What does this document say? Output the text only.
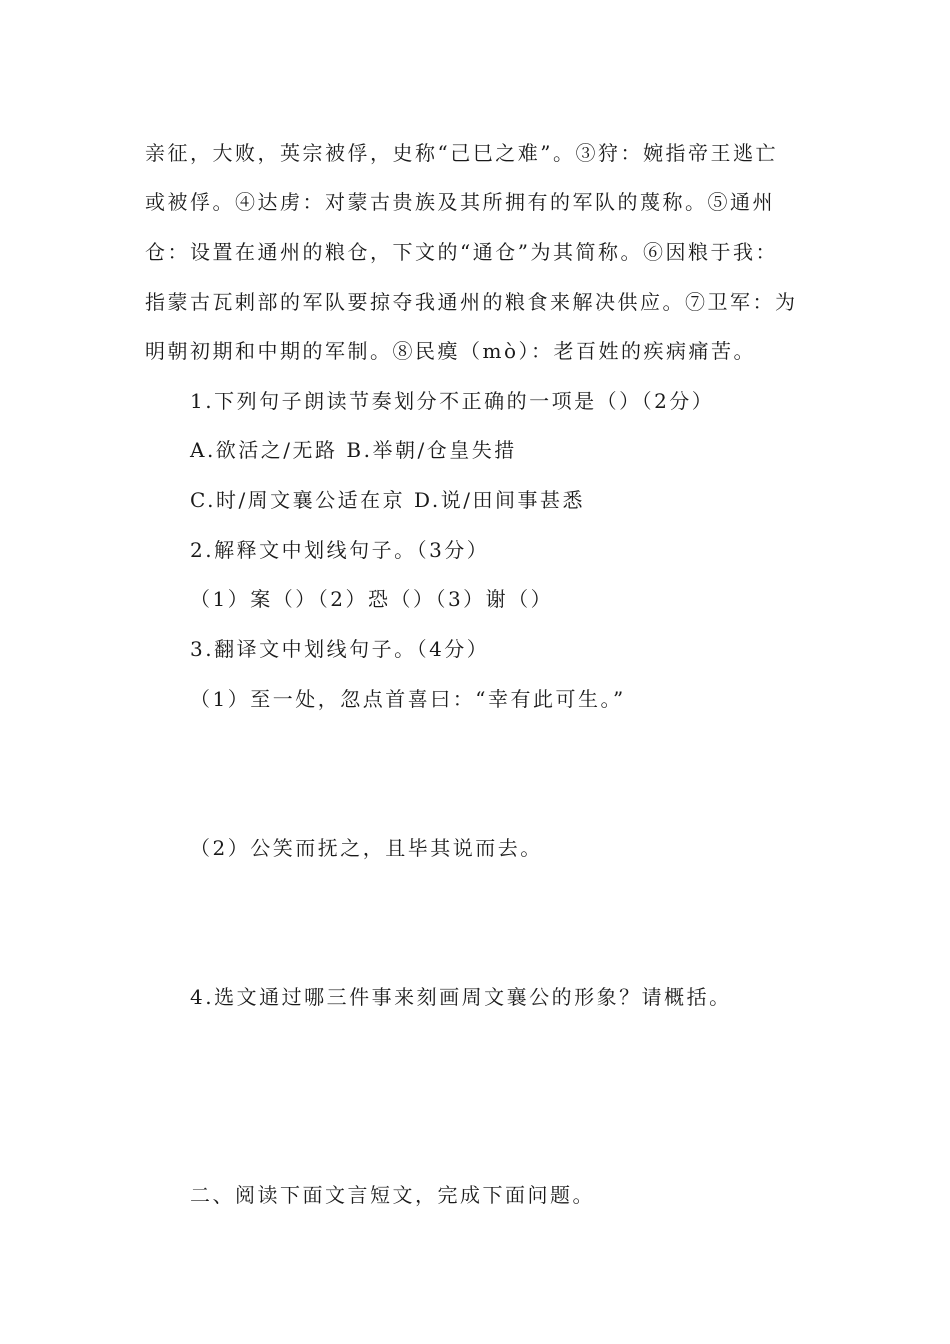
亲征，大败，英宗被俘，史称“己巳之难”。③狩：婉指帝王逃亡
或被俘。④达虏：对蒙古贵族及其所拥有的军队的蔑称。⑤通州
仓：设置在通州的粮仓，下文的“通仓”为其简称。⑥因粮于我：
指蒙古瓦剌部的军队要掠夺我通州的粮食来解决供应。⑦卫军：为
明朝初期和中期的军制。⑧民瘼（mò）：老百姓的疾病痛苦。
1.下列句子朗读节奏划分不正确的一项是（）（2分）
A.欲活之/无路 B.举朝/仓皇失措
C.时/周文襄公适在京 D.说/田间事甚悉
2.解释文中划线句子。（3分）
（1）案（）（2）恐（）（3）谢（）
3.翻译文中划线句子。（4分）
（1）至一处，忽点首喜曰：“幸有此可生。”
（2）公笑而抚之，且毕其说而去。
4.选文通过哪三件事来刻画周文襄公的形象？请概括。
二、阅读下面文言短文，完成下面问题。
